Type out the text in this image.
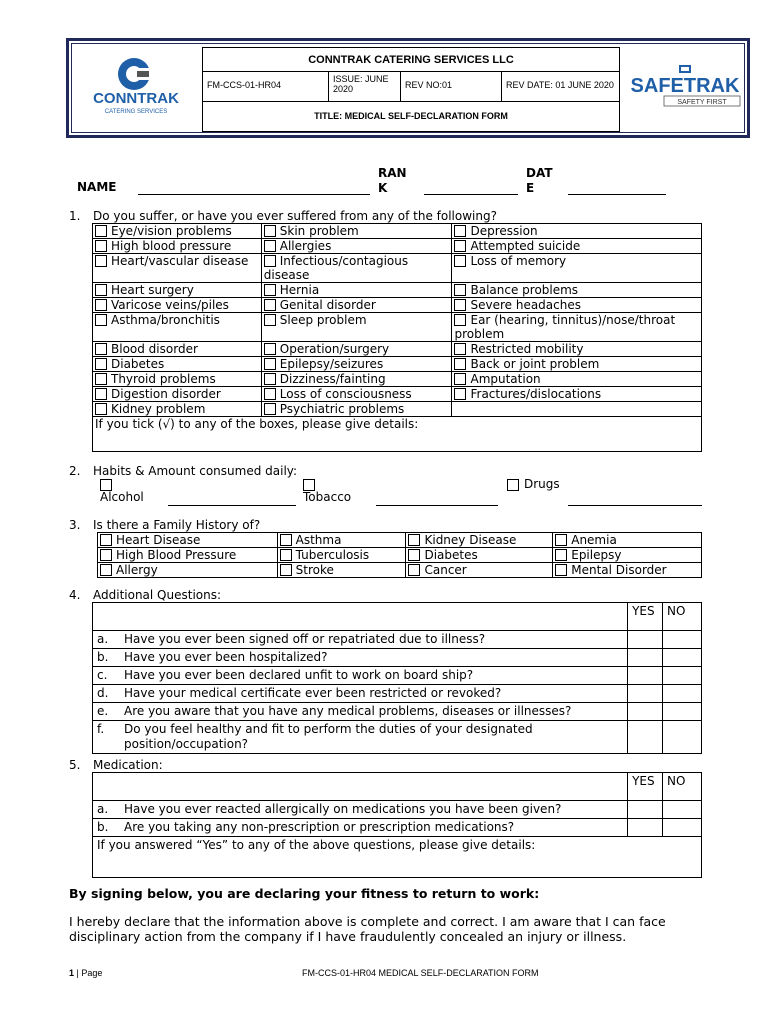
CONNTRAK
CATERING SERVICES
SAFETRAK
SAFETY FIRST
CONNTRAK CATERING SERVICES LLC
FM-CCS-01-HR04
ISSUE: JUNE 2020	REV NO:01	REV DATE: 01 JUNE 2020
TITLE: MEDICAL SELF-DECLARATION FORM
NAME
RAN
K
DAT
E
1. Do you suffer, or have you ever suffered from any of the following?
Eye/vision problems	Skin problem	Depression
High blood pressure	Allergies	Attempted suicide
Heart/vascular disease	Infectious/contagious disease	Loss of memory
Heart surgery	Hernia	Balance problems
Varicose veins/piles	Genital disorder	Severe headaches
Asthma/bronchitis	Sleep problem	Ear (hearing, tinnitus)/nose/throat problem
Blood disorder	Operation/surgery	Restricted mobility
Diabetes	Epilepsy/seizures	Back or joint problem
Thyroid problems	Dizziness/fainting	Amputation
Digestion disorder	Loss of consciousness	Fractures/dislocations
Kidney problem	Psychiatric problems	
If you tick (√) to any of the boxes, please give details:		
2. Habits & Amount consumed daily:
Alcohol	Tobacco
Drugs
3. Is there a Family History of?
Heart Disease	Asthma	Kidney Disease	Anemia
High Blood Pressure	Tuberculosis	Diabetes	Epilepsy
Allergy	Stroke	Cancer	Mental Disorder
4. Additional Questions:
	YES	NO

a. Have you ever been signed off or repatriated due to illness?		

b. Have you ever been hospitalized?		

c. Have you ever been declared unfit to work on board ship?		

d. Have your medical certificate ever been restricted or revoked?		

e. Are you aware that you have any medical problems, diseases or illnesses?		

f. Do you feel healthy and fit to perform the duties of your designated position/occupation?		

5. Medication:
	YES	NO

a. Have you ever reacted allergically on medications you have been given?		

b. Are you taking any non-prescription or prescription medications?		

If you answered “Yes” to any of the above questions, please give details:		
By signing below, you are declaring your fitness to return to work:
I hereby declare that the information above is complete and correct. I am aware that I can face disciplinary action from the company if I have fraudulently concealed an injury or illness.
1 | Page	FM-CCS-01-HR04 MEDICAL SELF-DECLARATION FORM
